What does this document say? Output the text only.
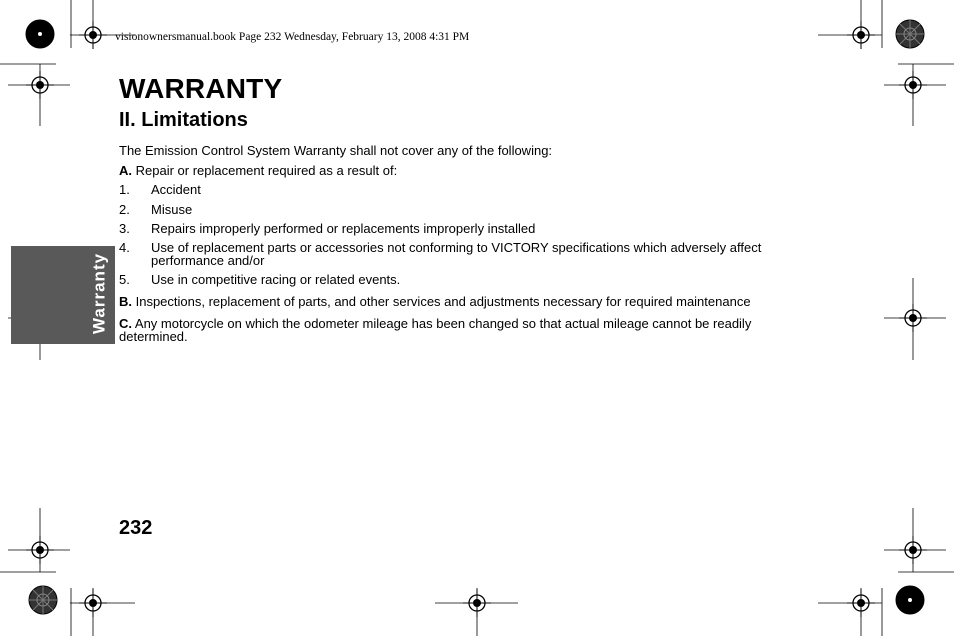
visionownersmanual.book Page 232 Wednesday, February 13, 2008 4:31 PM
WARRANTY
II. Limitations

The Emission Control System Warranty shall not cover any of the following:

A. Repair or replacement required as a result of:

1. Accident
2. Misuse
3. Repairs improperly performed or replacements improperly installed
4. Use of replacement parts or accessories not conforming to VICTORY specifications which adversely affect
performance and/or
5. Use in competitive racing or related events.

B. Inspections, replacement of parts, and other services and adjustments necessary for required maintenance

C. Any motorcycle on which the odometer mileage has been changed so that actual mileage cannot be readily

determined.

Warranty
232
